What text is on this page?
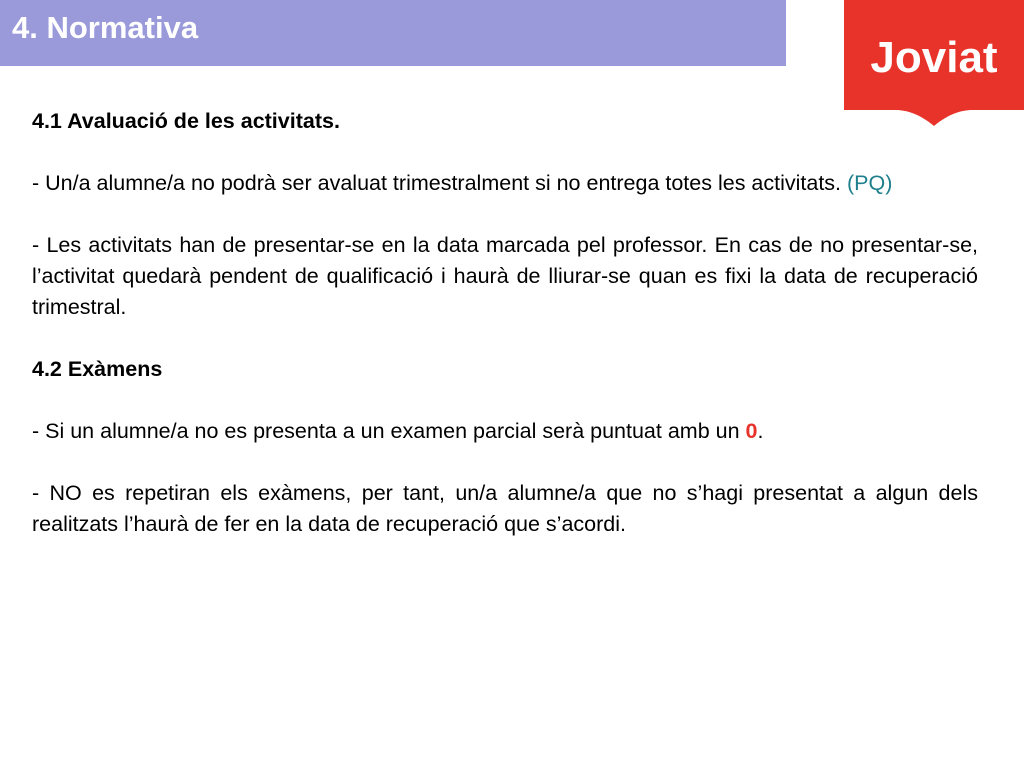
4. Normativa
Joviat

4.1 Avaluació de les activitats.

- Un/a alumne/a no podrà ser avaluat trimestralment si no entrega totes les activitats. (PQ)

- Les activitats han de presentar-se en la data marcada pel professor. En cas de no presentar-se, l’activitat quedarà pendent de qualificació i haurà de lliurar-se quan es fixi la data de recuperació trimestral.

4.2 Exàmens

- Si un alumne/a no es presenta a un examen parcial serà puntuat amb un 0.

- NO es repetiran els exàmens, per tant, un/a alumne/a que no s’hagi presentat a algun dels realitzats l’haurà de fer en la data de recuperació que s’acordi.
